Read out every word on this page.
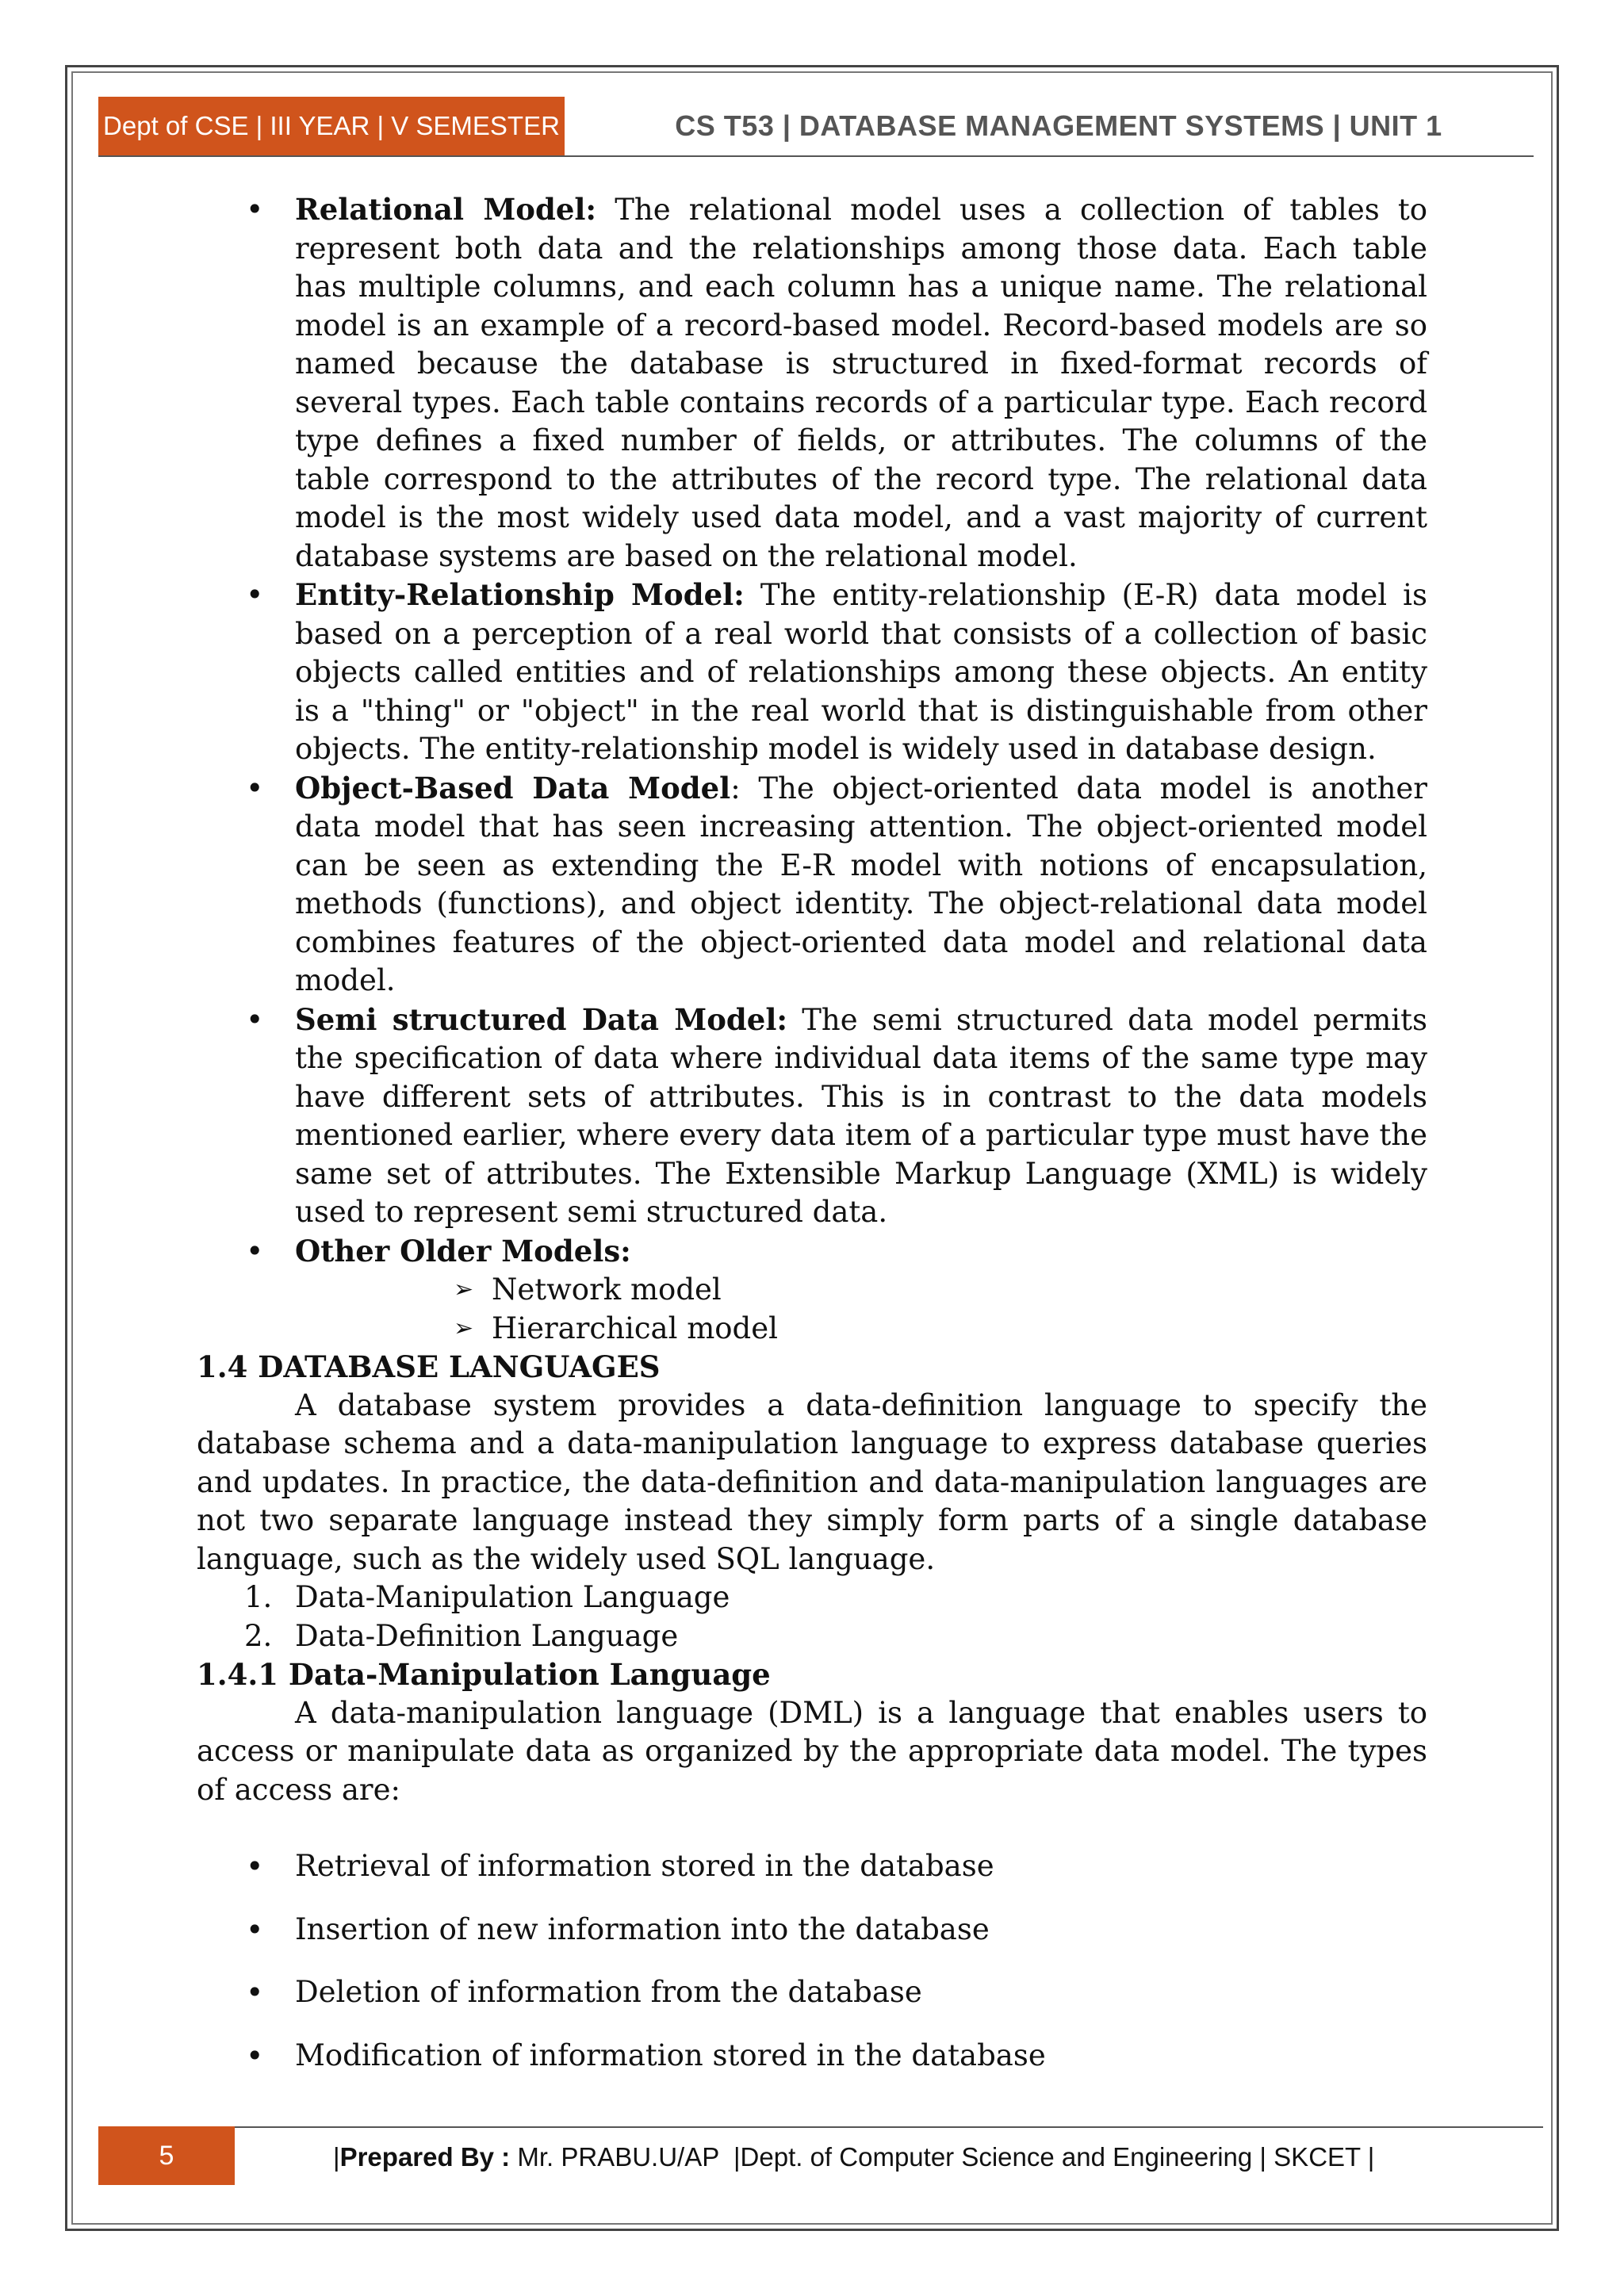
Dept of CSE | III YEAR | V SEMESTER	CS T53 | DATABASE MANAGEMENT SYSTEMS | UNIT 1
• Relational Model: The relational model uses a collection of tables to represent both data and the relationships among those data. Each table has multiple columns, and each column has a unique name. The relational model is an example of a record-based model. Record-based models are so named because the database is structured in fixed-format records of several types. Each table contains records of a particular type. Each record type defines a fixed number of fields, or attributes. The columns of the table correspond to the attributes of the record type. The relational data model is the most widely used data model, and a vast majority of current database systems are based on the relational model.
• Entity-Relationship Model: The entity-relationship (E-R) data model is based on a perception of a real world that consists of a collection of basic objects called entities and of relationships among these objects. An entity is a "thing" or "object" in the real world that is distinguishable from other objects. The entity-relationship model is widely used in database design.
• Object-Based Data Model: The object-oriented data model is another data model that has seen increasing attention. The object-oriented model can be seen as extending the E-R model with notions of encapsulation, methods (functions), and object identity. The object-relational data model combines features of the object-oriented data model and relational data model.
• Semi structured Data Model: The semi structured data model permits the specification of data where individual data items of the same type may have different sets of attributes. This is in contrast to the data models mentioned earlier, where every data item of a particular type must have the same set of attributes. The Extensible Markup Language (XML) is widely used to represent semi structured data.
• Other Older Models:
➢ Network model
➢ Hierarchical model

1.4 DATABASE LANGUAGES

A database system provides a data-definition language to specify the database schema and a data-manipulation language to express database queries and updates. In practice, the data-definition and data-manipulation languages are not two separate language instead they simply form parts of a single database language, such as the widely used SQL language.

1. Data-Manipulation Language
2. Data-Definition Language

1.4.1 Data-Manipulation Language

A data-manipulation language (DML) is a language that enables users to access or manipulate data as organized by the appropriate data model. The types of access are:

• Retrieval of information stored in the database
• Insertion of new information into the database
• Deletion of information from the database
• Modification of information stored in the database
5	| Prepared By : Mr. PRABU.U/AP  |Dept. of Computer Science and Engineering | SKCET |
